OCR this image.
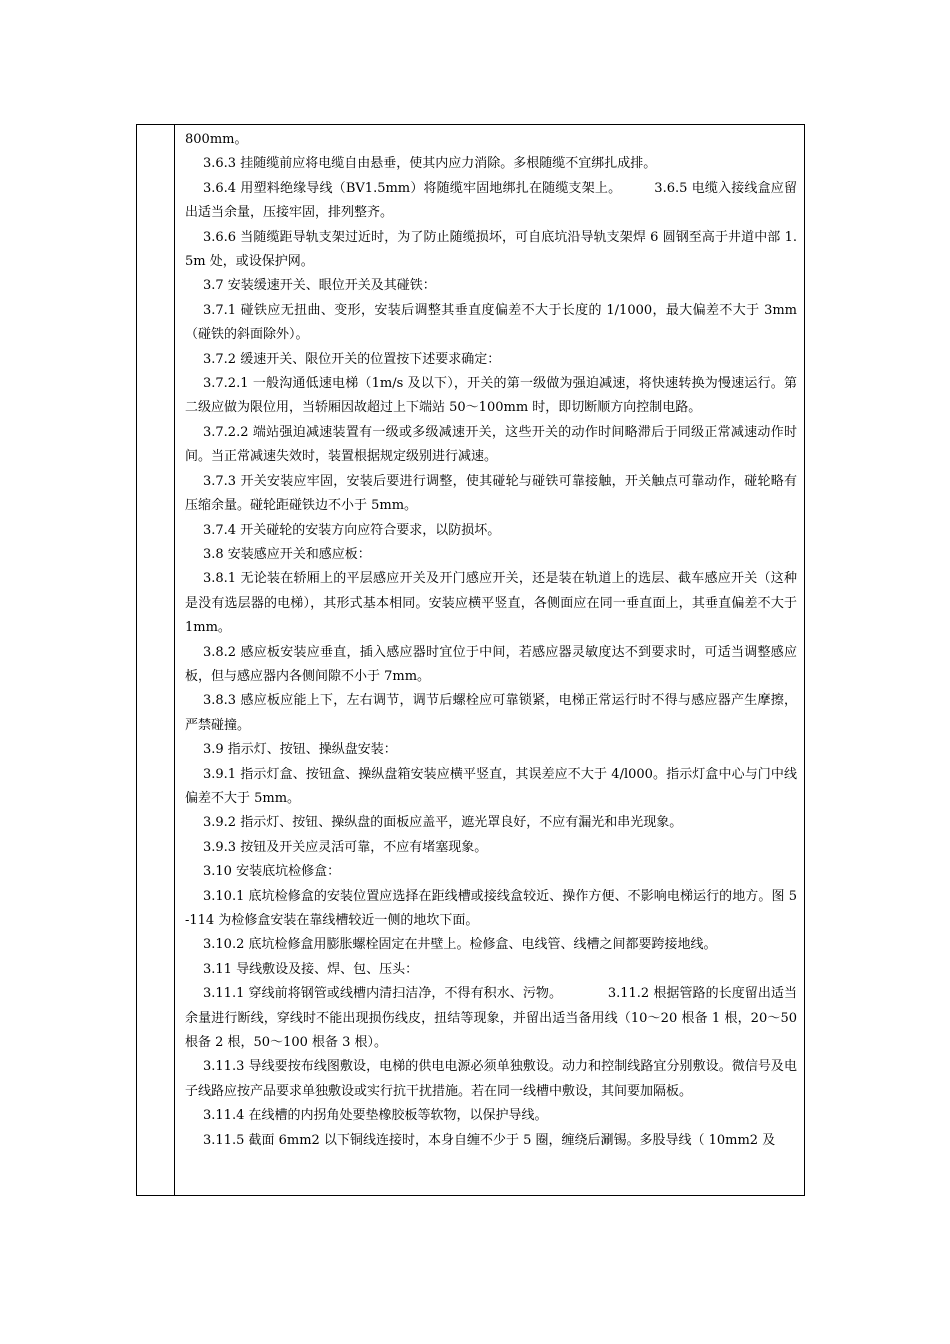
800mm。

3.6.3 挂随缆前应将电缆自由悬垂，使其内应力消除。多根随缆不宜绑扎成排。

3.6.4 用塑料绝缘导线（BV1.5mm）将随缆牢固地绑扎在随缆支架上。　　　3.6.5 电缆入接线盒应留出适当余量，压接牢固，排列整齐。

3.6.6 当随缆距导轨支架过近时，为了防止随缆损坏，可自底坑沿导轨支架焊 6 圆钢至高于井道中部 1.5m 处，或设保护网。

3.7 安装缓速开关、眼位开关及其碰铁：

3.7.1 碰铁应无扭曲、变形，安装后调整其垂直度偏差不大于长度的 1/1000，最大偏差不大于 3mm（碰铁的斜面除外）。

3.7.2 缓速开关、限位开关的位置按下述要求确定：

3.7.2.1 一般沟通低速电梯（1m/s 及以下），开关的第一级做为强迫减速，将快速转换为慢速运行。第二级应做为限位用，当轿厢因故超过上下端站 50～100mm 时，即切断顺方向控制电路。

3.7.2.2 端站强迫减速装置有一级或多级减速开关，这些开关的动作时间略滞后于同级正常减速动作时间。当正常减速失效时，装置根据规定级别进行减速。

3.7.3 开关安装应牢固，安装后要进行调整，使其碰轮与碰铁可靠接触，开关触点可靠动作，碰轮略有压缩余量。碰轮距碰铁边不小于 5mm。

3.7.4 开关碰轮的安装方向应符合要求，以防损坏。

3.8 安装感应开关和感应板：

3.8.1 无论装在轿厢上的平层感应开关及开门感应开关，还是装在轨道上的选层、截车感应开关（这种是没有选层器的电梯），其形式基本相同。安装应横平竖直，各侧面应在同一垂直面上，其垂直偏差不大于 1mm。

3.8.2 感应板安装应垂直，插入感应器时宜位于中间，若感应器灵敏度达不到要求时，可适当调整感应板，但与感应器内各侧间隙不小于 7mm。

3.8.3 感应板应能上下，左右调节，调节后螺栓应可靠锁紧，电梯正常运行时不得与感应器产生摩擦，严禁碰撞。

3.9 指示灯、按钮、操纵盘安装：

3.9.1 指示灯盒、按钮盒、操纵盘箱安装应横平竖直，其误差应不大于 4/l000。指示灯盒中心与门中线偏差不大于 5mm。

3.9.2 指示灯、按钮、操纵盘的面板应盖平，遮光罩良好，不应有漏光和串光现象。

3.9.3 按钮及开关应灵活可靠，不应有堵塞现象。

3.10 安装底坑检修盒：

3.10.1 底坑检修盒的安装位置应选择在距线槽或接线盒较近、操作方便、不影响电梯运行的地方。图 5-114 为检修盒安装在靠线槽较近一侧的地坎下面。

3.10.2 底坑检修盒用膨胀螺栓固定在井壁上。检修盒、电线管、线槽之间都要跨接地线。

3.11 导线敷设及接、焊、包、压头：

3.11.1 穿线前将钢管或线槽内清扫洁净，不得有积水、污物。　　　　3.11.2 根据管路的长度留出适当余量进行断线，穿线时不能出现损伤线皮，扭结等现象，并留出适当备用线（10～20 根备 1 根，20～50 根备 2 根，50～100 根备 3 根）。

3.11.3 导线要按布线图敷设，电梯的供电电源必须单独敷设。动力和控制线路宜分别敷设。微信号及电子线路应按产品要求单独敷设或实行抗干扰措施。若在同一线槽中敷设，其间要加隔板。

3.11.4 在线槽的内拐角处要垫橡胶板等软物，以保护导线。

3.11.5 截面 6mm2 以下铜线连接时，本身自缠不少于 5 圈，缠绕后涮锡。多股导线（ 10mm2 及
